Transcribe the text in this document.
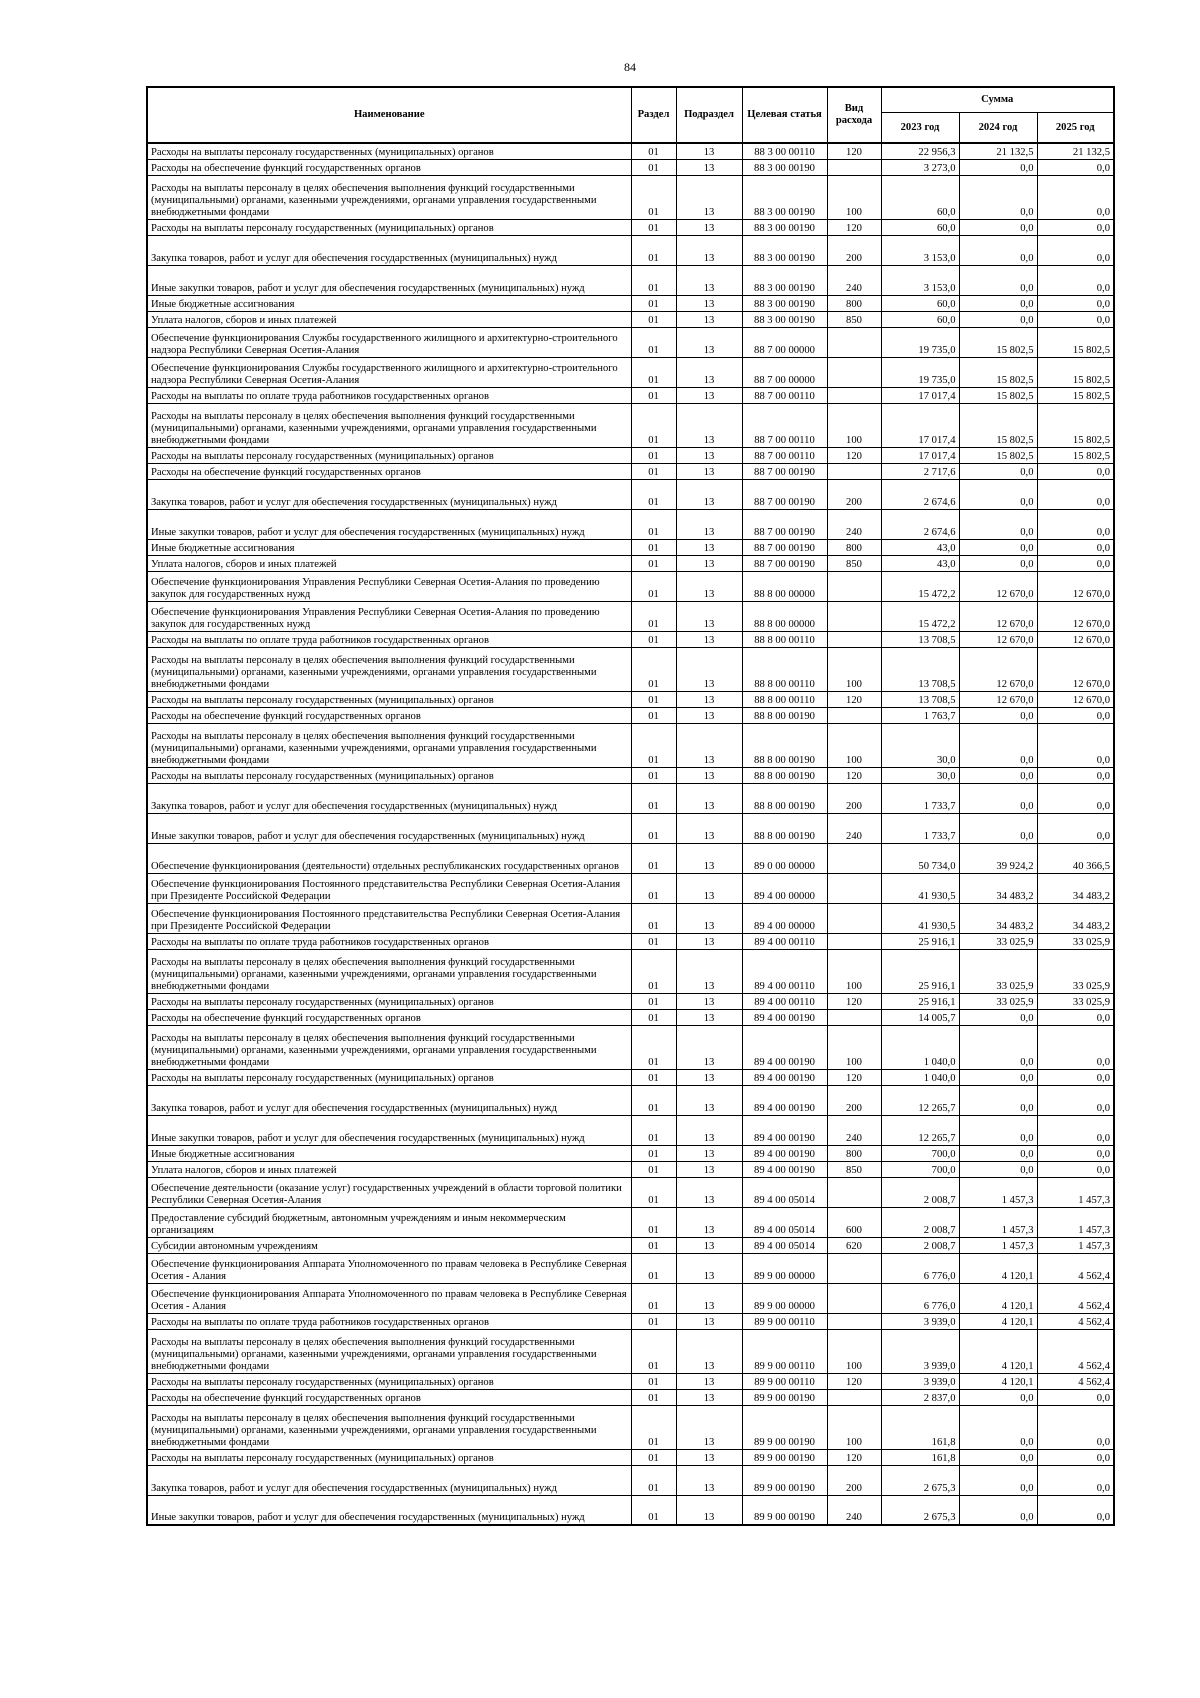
84
Наименование	Раздел	Подраздел	Целевая статья	Вид расхода	Сумма		
					2023 год	2024 год	2025 год
Расходы на выплаты персоналу государственных (муниципальных) органов	01	13	88 3 00 00110	120	22 956,3	21 132,5	21 132,5
Расходы на обеспечение функций государственных органов	01	13	88 3 00 00190		3 273,0	0,0	0,0
Расходы на выплаты персоналу в целях обеспечения выполнения функций государственными (муниципальными) органами, казенными учреждениями, органами управления государственными внебюджетными фондами	01	13	88 3 00 00190	100	60,0	0,0	0,0
Расходы на выплаты персоналу государственных (муниципальных) органов	01	13	88 3 00 00190	120	60,0	0,0	0,0
Закупка товаров, работ и услуг для обеспечения государственных (муниципальных) нужд	01	13	88 3 00 00190	200	3 153,0	0,0	0,0
Иные закупки товаров, работ и услуг для обеспечения государственных (муниципальных) нужд	01	13	88 3 00 00190	240	3 153,0	0,0	0,0
Иные бюджетные ассигнования	01	13	88 3 00 00190	800	60,0	0,0	0,0
Уплата налогов, сборов и иных платежей	01	13	88 3 00 00190	850	60,0	0,0	0,0
Обеспечение функционирования Службы государственного жилищного и архитектурно-строительного надзора Республики Северная Осетия-Алания	01	13	88 7 00 00000		19 735,0	15 802,5	15 802,5
Обеспечение функционирования Службы государственного жилищного и архитектурно-строительного надзора Республики Северная Осетия-Алания	01	13	88 7 00 00000		19 735,0	15 802,5	15 802,5
Расходы на выплаты по оплате труда работников государственных органов	01	13	88 7 00 00110		17 017,4	15 802,5	15 802,5
Расходы на выплаты персоналу в целях обеспечения выполнения функций государственными (муниципальными) органами, казенными учреждениями, органами управления государственными внебюджетными фондами	01	13	88 7 00 00110	100	17 017,4	15 802,5	15 802,5
Расходы на выплаты персоналу государственных (муниципальных) органов	01	13	88 7 00 00110	120	17 017,4	15 802,5	15 802,5
Расходы на обеспечение функций государственных органов	01	13	88 7 00 00190		2 717,6	0,0	0,0
Закупка товаров, работ и услуг для обеспечения государственных (муниципальных) нужд	01	13	88 7 00 00190	200	2 674,6	0,0	0,0
Иные закупки товаров, работ и услуг для обеспечения государственных (муниципальных) нужд	01	13	88 7 00 00190	240	2 674,6	0,0	0,0
Иные бюджетные ассигнования	01	13	88 7 00 00190	800	43,0	0,0	0,0
Уплата налогов, сборов и иных платежей	01	13	88 7 00 00190	850	43,0	0,0	0,0
Обеспечение функционирования Управления Республики Северная Осетия-Алания по проведению закупок для государственных нужд	01	13	88 8 00 00000		15 472,2	12 670,0	12 670,0
Обеспечение функционирования Управления Республики Северная Осетия-Алания по проведению закупок для государственных нужд	01	13	88 8 00 00000		15 472,2	12 670,0	12 670,0
Расходы на выплаты по оплате труда работников государственных органов	01	13	88 8 00 00110		13 708,5	12 670,0	12 670,0
Расходы на выплаты персоналу в целях обеспечения выполнения функций государственными (муниципальными) органами, казенными учреждениями, органами управления государственными внебюджетными фондами	01	13	88 8 00 00110	100	13 708,5	12 670,0	12 670,0
Расходы на выплаты персоналу государственных (муниципальных) органов	01	13	88 8 00 00110	120	13 708,5	12 670,0	12 670,0
Расходы на обеспечение функций государственных органов	01	13	88 8 00 00190		1 763,7	0,0	0,0
Расходы на выплаты персоналу в целях обеспечения выполнения функций государственными (муниципальными) органами, казенными учреждениями, органами управления государственными внебюджетными фондами	01	13	88 8 00 00190	100	30,0	0,0	0,0
Расходы на выплаты персоналу государственных (муниципальных) органов	01	13	88 8 00 00190	120	30,0	0,0	0,0
Закупка товаров, работ и услуг для обеспечения государственных (муниципальных) нужд	01	13	88 8 00 00190	200	1 733,7	0,0	0,0
Иные закупки товаров, работ и услуг для обеспечения государственных (муниципальных) нужд	01	13	88 8 00 00190	240	1 733,7	0,0	0,0
Обеспечение функционирования (деятельности) отдельных республиканских государственных органов	01	13	89 0 00 00000		50 734,0	39 924,2	40 366,5
Обеспечение функционирования Постоянного представительства Республики Северная Осетия-Алания при Президенте Российской Федерации	01	13	89 4 00 00000		41 930,5	34 483,2	34 483,2
Обеспечение функционирования Постоянного представительства Республики Северная Осетия-Алания при Президенте Российской Федерации	01	13	89 4 00 00000		41 930,5	34 483,2	34 483,2
Расходы на выплаты по оплате труда работников государственных органов	01	13	89 4 00 00110		25 916,1	33 025,9	33 025,9
Расходы на выплаты персоналу в целях обеспечения выполнения функций государственными (муниципальными) органами, казенными учреждениями, органами управления государственными внебюджетными фондами	01	13	89 4 00 00110	100	25 916,1	33 025,9	33 025,9
Расходы на выплаты персоналу государственных (муниципальных) органов	01	13	89 4 00 00110	120	25 916,1	33 025,9	33 025,9
Расходы на обеспечение функций государственных органов	01	13	89 4 00 00190		14 005,7	0,0	0,0
Расходы на выплаты персоналу в целях обеспечения выполнения функций государственными (муниципальными) органами, казенными учреждениями, органами управления государственными внебюджетными фондами	01	13	89 4 00 00190	100	1 040,0	0,0	0,0
Расходы на выплаты персоналу государственных (муниципальных) органов	01	13	89 4 00 00190	120	1 040,0	0,0	0,0
Закупка товаров, работ и услуг для обеспечения государственных (муниципальных) нужд	01	13	89 4 00 00190	200	12 265,7	0,0	0,0
Иные закупки товаров, работ и услуг для обеспечения государственных (муниципальных) нужд	01	13	89 4 00 00190	240	12 265,7	0,0	0,0
Иные бюджетные ассигнования	01	13	89 4 00 00190	800	700,0	0,0	0,0
Уплата налогов, сборов и иных платежей	01	13	89 4 00 00190	850	700,0	0,0	0,0
Обеспечение деятельности (оказание услуг) государственных учреждений в области торговой политики Республики Северная Осетия-Алания	01	13	89 4 00 05014		2 008,7	1 457,3	1 457,3
Предоставление субсидий бюджетным, автономным учреждениям и иным некоммерческим организациям	01	13	89 4 00 05014	600	2 008,7	1 457,3	1 457,3
Субсидии автономным учреждениям	01	13	89 4 00 05014	620	2 008,7	1 457,3	1 457,3
Обеспечение функционирования Аппарата Уполномоченного по правам человека в Республике Северная Осетия - Алания	01	13	89 9 00 00000		6 776,0	4 120,1	4 562,4
Обеспечение функционирования Аппарата Уполномоченного по правам человека в Республике Северная Осетия - Алания	01	13	89 9 00 00000		6 776,0	4 120,1	4 562,4
Расходы на выплаты по оплате труда работников государственных органов	01	13	89 9 00 00110		3 939,0	4 120,1	4 562,4
Расходы на выплаты персоналу в целях обеспечения выполнения функций государственными (муниципальными) органами, казенными учреждениями, органами управления государственными внебюджетными фондами	01	13	89 9 00 00110	100	3 939,0	4 120,1	4 562,4
Расходы на выплаты персоналу государственных (муниципальных) органов	01	13	89 9 00 00110	120	3 939,0	4 120,1	4 562,4
Расходы на обеспечение функций государственных органов	01	13	89 9 00 00190		2 837,0	0,0	0,0
Расходы на выплаты персоналу в целях обеспечения выполнения функций государственными (муниципальными) органами, казенными учреждениями, органами управления государственными внебюджетными фондами	01	13	89 9 00 00190	100	161,8	0,0	0,0
Расходы на выплаты персоналу государственных (муниципальных) органов	01	13	89 9 00 00190	120	161,8	0,0	0,0
Закупка товаров, работ и услуг для обеспечения государственных (муниципальных) нужд	01	13	89 9 00 00190	200	2 675,3	0,0	0,0
Иные закупки товаров, работ и услуг для обеспечения государственных (муниципальных) нужд	01	13	89 9 00 00190	240	2 675,3	0,0	0,0
